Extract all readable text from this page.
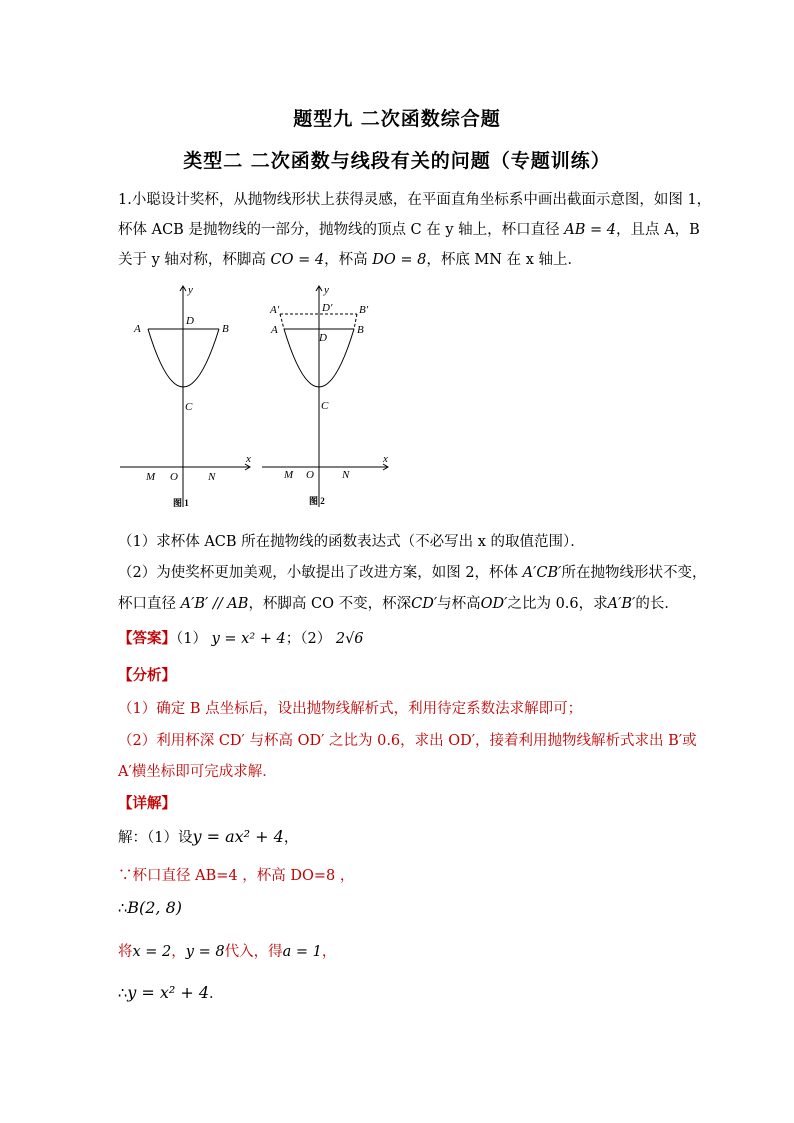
题型九 二次函数综合题
类型二 二次函数与线段有关的问题（专题训练）
1.小聪设计奖杯，从抛物线形状上获得灵感，在平面直角坐标系中画出截面示意图，如图 1，
杯体 ACB 是抛物线的一部分，抛物线的顶点 C 在 y 轴上，杯口直径 AB = 4，且点 A，B
关于 y 轴对称，杯脚高 CO = 4，杯高 DO = 8，杯底 MN 在 x 轴上．
y
x
A	B
D
C
M O	N
图 1
y
x
A′	B′
D′
A	B
D
C
M O	N
图 2
（1）求杯体 ACB 所在抛物线的函数表达式（不必写出 x 的取值范围）．
（2）为使奖杯更加美观，小敏提出了改进方案，如图 2，杯体 A′CB′所在抛物线形状不变，
杯口直径 A′B′ // AB，杯脚高 CO 不变，杯深CD′与杯高OD′之比为 0.6，求A′B′的长．
【答案】（1） y = x² + 4；（2） 2√6
【分析】
（1）确定 B 点坐标后，设出抛物线解析式，利用待定系数法求解即可；
（2）利用杯深 CD′ 与杯高 OD′ 之比为 0.6，求出 OD′，接着利用抛物线解析式求出 B′或
A′横坐标即可完成求解．
【详解】
解：（1）设y = ax² + 4，
∵杯口直径 AB=4 ，杯高 DO=8 ，
∴B(2, 8)
将x = 2，y = 8代入，得a = 1，
∴y = x² + 4．
